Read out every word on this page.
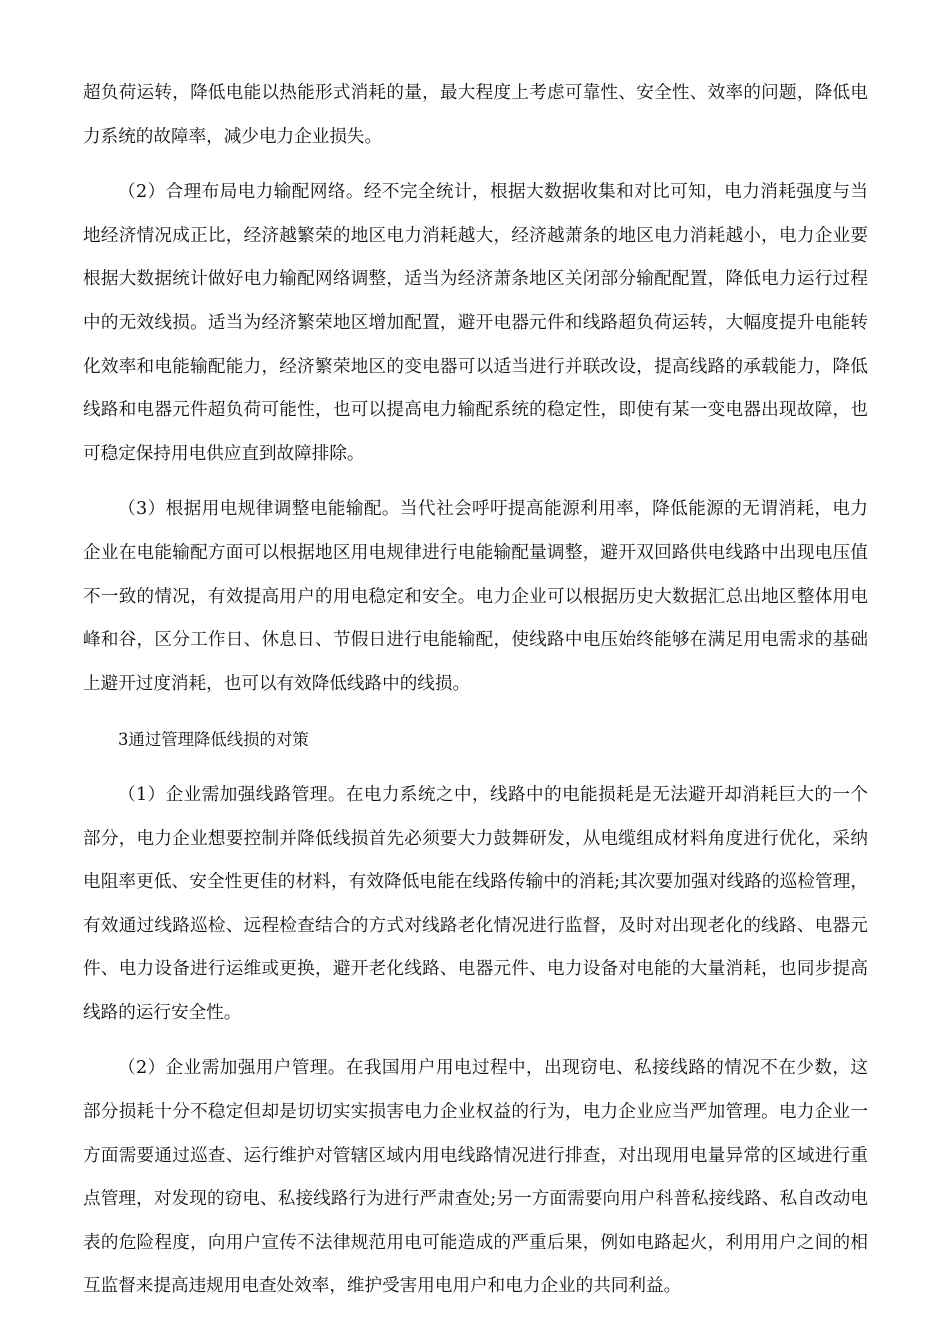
超负荷运转，降低电能以热能形式消耗的量，最大程度上考虑可靠性、安全性、效率的问题，降低电力系统的故障率，减少电力企业损失。

（2）合理布局电力输配网络。经不完全统计，根据大数据收集和对比可知，电力消耗强度与当地经济情况成正比，经济越繁荣的地区电力消耗越大，经济越萧条的地区电力消耗越小，电力企业要根据大数据统计做好电力输配网络调整，适当为经济萧条地区关闭部分输配配置，降低电力运行过程中的无效线损。适当为经济繁荣地区增加配置，避开电器元件和线路超负荷运转，大幅度提升电能转化效率和电能输配能力，经济繁荣地区的变电器可以适当进行并联改设，提高线路的承载能力，降低线路和电器元件超负荷可能性，也可以提高电力输配系统的稳定性，即使有某一变电器出现故障，也可稳定保持用电供应直到故障排除。

（3）根据用电规律调整电能输配。当代社会呼吁提高能源利用率，降低能源的无谓消耗，电力企业在电能输配方面可以根据地区用电规律进行电能输配量调整，避开双回路供电线路中出现电压值不一致的情况，有效提高用户的用电稳定和安全。电力企业可以根据历史大数据汇总出地区整体用电峰和谷，区分工作日、休息日、节假日进行电能输配，使线路中电压始终能够在满足用电需求的基础上避开过度消耗，也可以有效降低线路中的线损。

3通过管理降低线损的对策

（1）企业需加强线路管理。在电力系统之中，线路中的电能损耗是无法避开却消耗巨大的一个部分，电力企业想要控制并降低线损首先必须要大力鼓舞研发，从电缆组成材料角度进行优化，采纳电阻率更低、安全性更佳的材料，有效降低电能在线路传输中的消耗;其次要加强对线路的巡检管理，有效通过线路巡检、远程检查结合的方式对线路老化情况进行监督，及时对出现老化的线路、电器元件、电力设备进行运维或更换，避开老化线路、电器元件、电力设备对电能的大量消耗，也同步提高线路的运行安全性。

（2）企业需加强用户管理。在我国用户用电过程中，出现窃电、私接线路的情况不在少数，这部分损耗十分不稳定但却是切切实实损害电力企业权益的行为，电力企业应当严加管理。电力企业一方面需要通过巡查、运行维护对管辖区域内用电线路情况进行排查，对出现用电量异常的区域进行重点管理，对发现的窃电、私接线路行为进行严肃查处;另一方面需要向用户科普私接线路、私自改动电表的危险程度，向用户宣传不法律规范用电可能造成的严重后果，例如电路起火，利用用户之间的相互监督来提高违规用电查处效率，维护受害用电用户和电力企业的共同利益。
